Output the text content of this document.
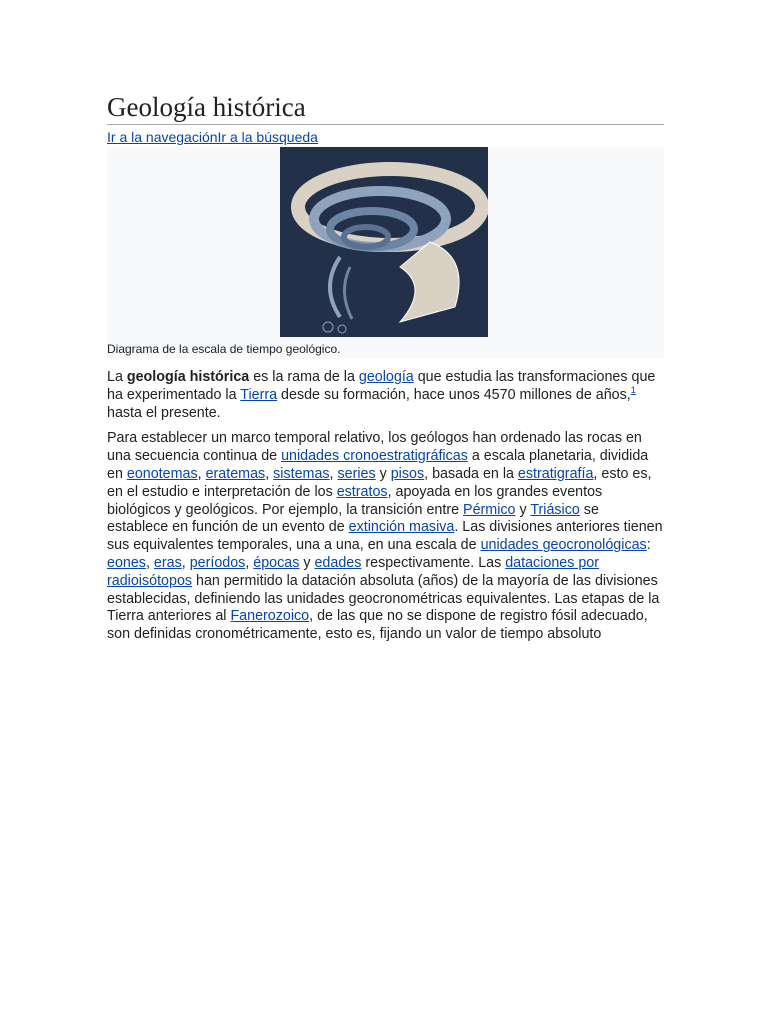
Geología histórica
Ir a la navegaciónIr a la búsqueda
Diagrama de la escala de tiempo geológico.

La geología histórica es la rama de la geología que estudia las transformaciones que ha experimentado la Tierra desde su formación, hace unos 4570 millones de años,$^1$ hasta el presente.

Para establecer un marco temporal relativo, los geólogos han ordenado las rocas en una secuencia continua de unidades cronoestratigráficas a escala planetaria, dividida en eonotemas, eratemas, sistemas, series y pisos, basada en la estratigrafía, esto es, en el estudio e interpretación de los estratos, apoyada en los grandes eventos biológicos y geológicos. Por ejemplo, la transición entre Pérmico y Triásico se establece en función de un evento de extinción masiva. Las divisiones anteriores tienen sus equivalentes temporales, una a una, en una escala de unidades geocronológicas: eones, eras, períodos, épocas y edades respectivamente. Las dataciones por radioisótopos han permitido la datación absoluta (años) de la mayoría de las divisiones establecidas, definiendo las unidades geocronométricas equivalentes. Las etapas de la Tierra anteriores al Fanerozoico, de las que no se dispone de registro fósil adecuado, son definidas cronométricamente, esto es, fijando un valor de tiempo absoluto
